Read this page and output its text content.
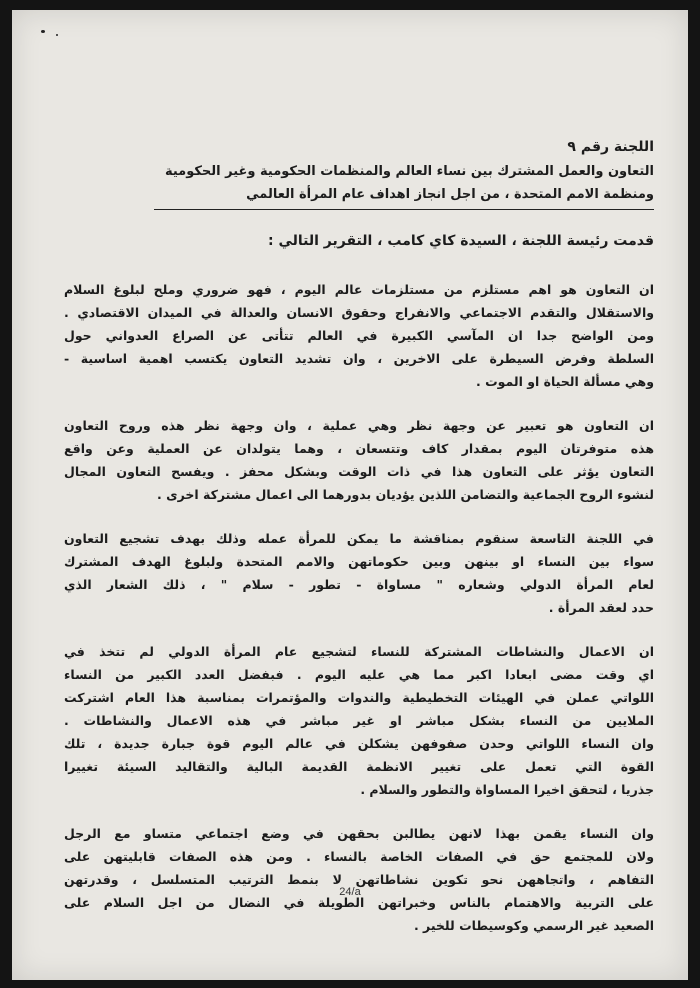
اللجنة رقم ٩

التعاون والعمل المشترك بين نساء العالم والمنظمات الحكومية وغير الحكومية
ومنظمة الامم المتحدة ، من اجل انجاز اهداف عام المرأة العالمي

قدمت رئيسة اللجنة ، السيدة كاي كامب ، التقرير التالي :

ان التعاون هو اهم مستلزم من مستلزمات عالم اليوم ، فهو ضروري وملح لبلوغ السلام
والاستقلال والتقدم الاجتماعي والانفراج وحقوق الانسان والعدالة في الميدان الاقتصادي .
ومن الواضح جدا ان المآسي الكبيرة في العالم تتأتى عن الصراع العدواني حول
السلطة وفرض السيطرة على الاخرين ، وان تشديد التعاون يكتسب اهمية اساسية -
وهي مسألة الحياة او الموت .
ان التعاون هو تعبير عن وجهة نظر وهي عملية ، وان وجهة نظر هذه وروح التعاون
هذه متوفرتان اليوم بمقدار كاف وتتسعان ، وهما يتولدان عن العملية وعن واقع
التعاون يؤثر على التعاون هذا في ذات الوقت وبشكل محفز . ويفسح التعاون المجال
لنشوء الروح الجماعية والتضامن اللذين يؤديان بدورهما الى اعمال مشتركة اخرى .
في اللجنة التاسعة سنقوم بمناقشة ما يمكن للمرأة عمله وذلك بهدف تشجيع التعاون
سواء بين النساء او بينهن وبين حكوماتهن والامم المتحدة ولبلوغ الهدف المشترك
لعام المرأة الدولي وشعاره " مساواة - تطور - سلام " ، ذلك الشعار الذي
حدد لعقد المرأة .
ان الاعمال والنشاطات المشتركة للنساء لتشجيع عام المرأة الدولي لم تتخذ في
اي وقت مضى ابعادا اكبر مما هي عليه اليوم . فبفضل العدد الكبير من النساء
اللواتي عملن في الهيئات التخطيطية والندوات والمؤتمرات بمناسبة هذا العام اشتركت
الملايين من النساء بشكل مباشر او غير مباشر في هذه الاعمال والنشاطات .
وان النساء اللواتي وحدن صفوفهن يشكلن في عالم اليوم قوة جبارة جديدة ، تلك
القوة التي تعمل على تغيير الانظمة القديمة البالية والتقاليد السيئة تغييرا
جذريا ، لتحقق اخيرا المساواة والتطور والسلام .
وان النساء يقمن بهذا لانهن يطالبن بحقهن في وضع اجتماعي متساو مع الرجل
ولان للمجتمع حق في الصفات الخاصة بالنساء . ومن هذه الصفات قابليتهن على
التفاهم ، واتجاههن نحو تكوين نشاطاتهن لا بنمط الترتيب المتسلسل ، وقدرتهن
على التربية والاهتمام بالناس وخبراتهن الطويلة في النضال من اجل السلام على
الصعيد غير الرسمي وكوسيطات للخير .
24/a
